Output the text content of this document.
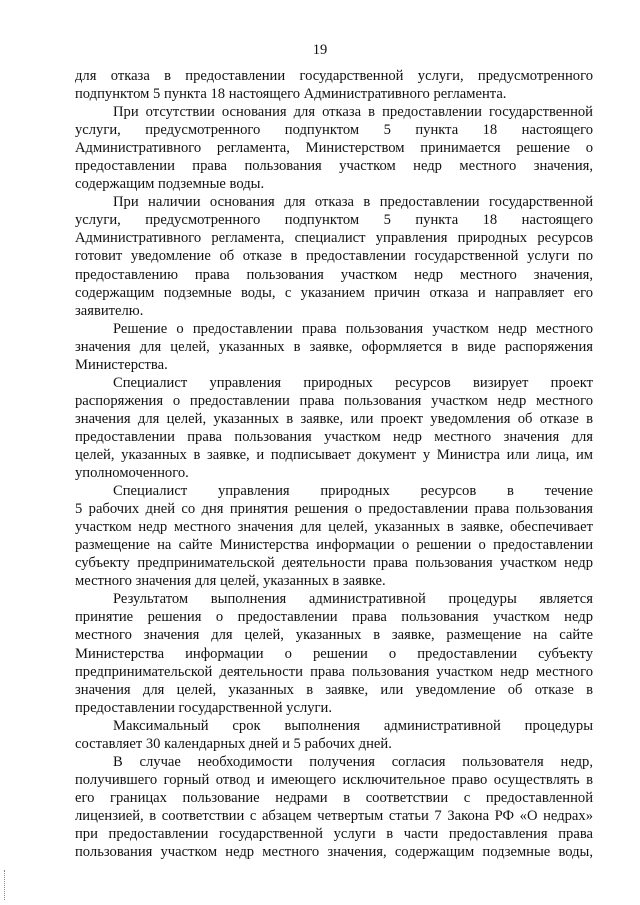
19
для отказа в предоставлении государственной услуги, предусмотренного
подпунктом 5 пункта 18 настоящего Административного регламента.
При отсутствии основания для отказа в предоставлении государственной
услуги, предусмотренного подпунктом 5 пункта 18 настоящего
Административного регламента, Министерством принимается решение о
предоставлении права пользования участком недр местного значения,
содержащим подземные воды.
При наличии основания для отказа в предоставлении государственной
услуги, предусмотренного подпунктом 5 пункта 18 настоящего
Административного регламента, специалист управления природных ресурсов
готовит уведомление об отказе в предоставлении государственной услуги по
предоставлению права пользования участком недр местного значения,
содержащим подземные воды, с указанием причин отказа и направляет его
заявителю.
Решение о предоставлении права пользования участком недр местного
значения для целей, указанных в заявке, оформляется в виде распоряжения
Министерства.
Специалист управления природных ресурсов визирует проект
распоряжения о предоставлении права пользования участком недр местного
значения для целей, указанных в заявке, или проект уведомления об отказе в
предоставлении права пользования участком недр местного значения для
целей, указанных в заявке, и подписывает документ у Министра или лица, им
уполномоченного.
Специалист управления природных ресурсов в течение
5 рабочих дней со дня принятия решения о предоставлении права пользования
участком недр местного значения для целей, указанных в заявке, обеспечивает
размещение на сайте Министерства информации о решении о предоставлении
субъекту предпринимательской деятельности права пользования участком недр
местного значения для целей, указанных в заявке.
Результатом выполнения административной процедуры является
принятие решения о предоставлении права пользования участком недр
местного значения для целей, указанных в заявке, размещение на сайте
Министерства информации о решении о предоставлении субъекту
предпринимательской деятельности права пользования участком недр местного
значения для целей, указанных в заявке, или уведомление об отказе в
предоставлении государственной услуги.
Максимальный срок выполнения административной процедуры
составляет 30 календарных дней и 5 рабочих дней.
В случае необходимости получения согласия пользователя недр,
получившего горный отвод и имеющего исключительное право осуществлять в
его границах пользование недрами в соответствии с предоставленной
лицензией, в соответствии с абзацем четвертым статьи 7 Закона РФ «О недрах»
при предоставлении государственной услуги в части предоставления права
пользования участком недр местного значения, содержащим подземные воды,
